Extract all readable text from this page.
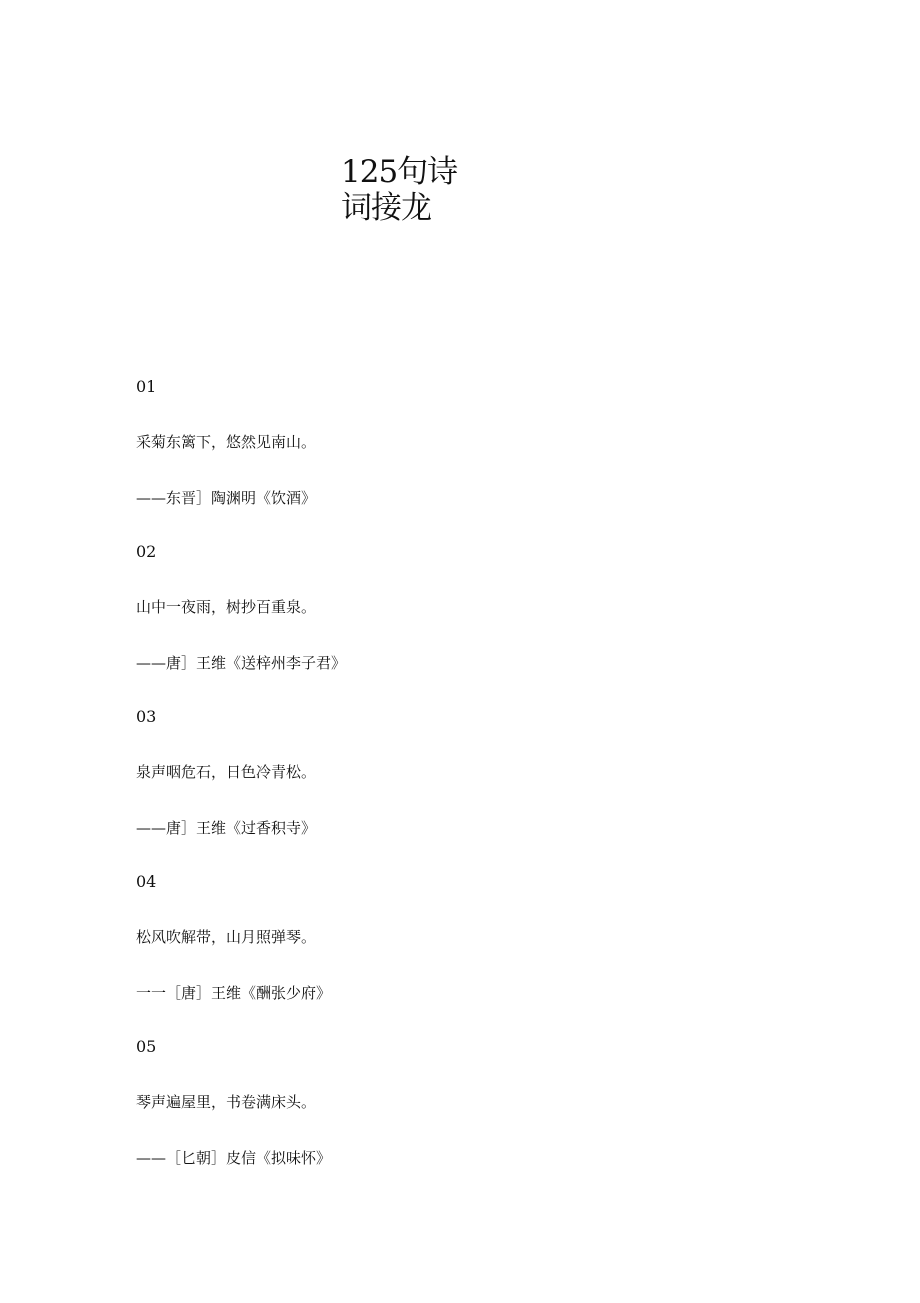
125句诗
词接龙
01
采菊东篱下，悠然见南山。
——东晋］陶渊明《饮酒》
02
山中一夜雨，树抄百重泉。
——唐］王维《送梓州李子君》
03
泉声咽危石，日色冷青松。
——唐］王维《过香积寺》
04
松风吹解带，山月照弹琴。
一一［唐］王维《酬张少府》
05
琴声遍屋里，书卷满床头。
——［匕朝］皮信《拟味怀》
